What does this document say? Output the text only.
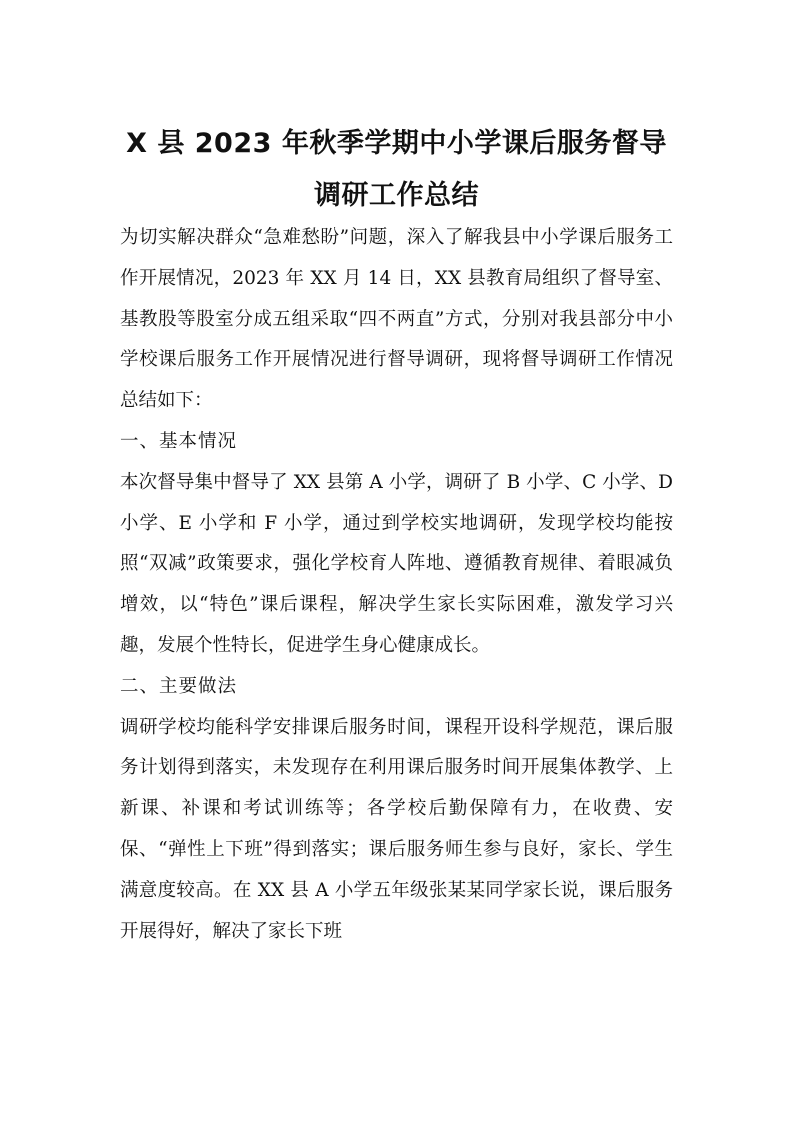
X 县 2023 年秋季学期中小学课后服务督导
调研工作总结

为切实解决群众“急难愁盼”问题，深入了解我县中小学课后服务工作开展情况，2023 年 XX 月 14 日，XX 县教育局组织了督导室、基教股等股室分成五组采取“四不两直”方式，分别对我县部分中小学校课后服务工作开展情况进行督导调研，现将督导调研工作情况总结如下：

一、基本情况

本次督导集中督导了 XX 县第 A 小学，调研了 B 小学、C 小学、D 小学、E 小学和 F 小学，通过到学校实地调研，发现学校均能按照“双减”政策要求，强化学校育人阵地、遵循教育规律、着眼减负增效，以“特色”课后课程，解决学生家长实际困难，激发学习兴趣，发展个性特长，促进学生身心健康成长。

二、主要做法

调研学校均能科学安排课后服务时间，课程开设科学规范，课后服务计划得到落实，未发现存在利用课后服务时间开展集体教学、上新课、补课和考试训练等；各学校后勤保障有力，在收费、安保、“弹性上下班”得到落实；课后服务师生参与良好，家长、学生满意度较高。在 XX 县 A 小学五年级张某某同学家长说，课后服务开展得好，解决了家长下班
